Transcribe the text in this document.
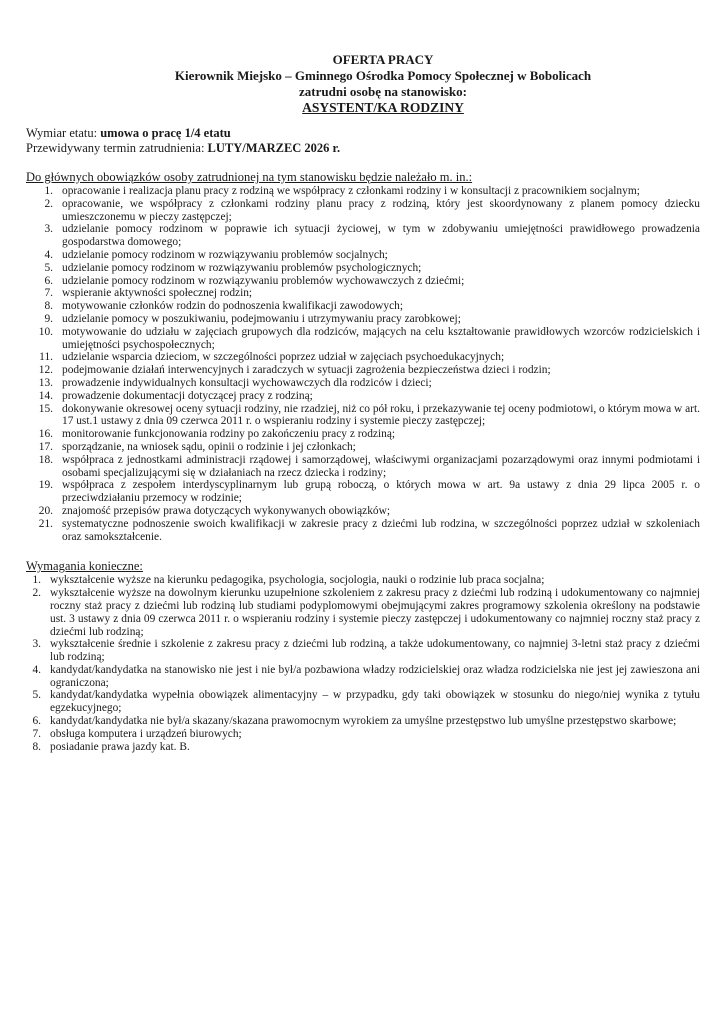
OFERTA PRACY
Kierownik Miejsko – Gminnego Ośrodka Pomocy Społecznej w Bobolicach
zatrudni osobę na stanowisko:
ASYSTENT/KA RODZINY
Wymiar etatu: umowa o pracę 1/4 etatu
Przewidywany termin zatrudnienia: LUTY/MARZEC 2026 r.
Do głównych obowiązków osoby zatrudnionej na tym stanowisku będzie należało m. in.:
1. opracowanie i realizacja planu pracy z rodziną we współpracy z członkami rodziny i w konsultacji z pracownikiem socjalnym;
2. opracowanie, we współpracy z członkami rodziny planu pracy z rodziną, który jest skoordynowany z planem pomocy dziecku umieszczonemu w pieczy zastępczej;
3. udzielanie pomocy rodzinom w poprawie ich sytuacji życiowej, w tym w zdobywaniu umiejętności prawidłowego prowadzenia gospodarstwa domowego;
4. udzielanie pomocy rodzinom w rozwiązywaniu problemów socjalnych;
5. udzielanie pomocy rodzinom w rozwiązywaniu problemów psychologicznych;
6. udzielanie pomocy rodzinom w rozwiązywaniu problemów wychowawczych z dziećmi;
7. wspieranie aktywności społecznej rodzin;
8. motywowanie członków rodzin do podnoszenia kwalifikacji zawodowych;
9. udzielanie pomocy w poszukiwaniu, podejmowaniu i utrzymywaniu pracy zarobkowej;
10. motywowanie do udziału w zajęciach grupowych dla rodziców, mających na celu kształtowanie prawidłowych wzorców rodzicielskich i umiejętności psychospołecznych;
11. udzielanie wsparcia dzieciom, w szczególności poprzez udział w zajęciach psychoedukacyjnych;
12. podejmowanie działań interwencyjnych i zaradczych w sytuacji zagrożenia bezpieczeństwa dzieci i rodzin;
13. prowadzenie indywidualnych konsultacji wychowawczych dla rodziców i dzieci;
14. prowadzenie dokumentacji dotyczącej pracy z rodziną;
15. dokonywanie okresowej oceny sytuacji rodziny, nie rzadziej, niż co pół roku, i przekazywanie tej oceny podmiotowi, o którym mowa w art. 17 ust.1 ustawy z dnia 09 czerwca 2011 r. o wspieraniu rodziny i systemie pieczy zastępczej;
16. monitorowanie funkcjonowania rodziny po zakończeniu pracy z rodziną;
17. sporządzanie, na wniosek sądu, opinii o rodzinie i jej członkach;
18. współpraca z jednostkami administracji rządowej i samorządowej, właściwymi organizacjami pozarządowymi oraz innymi podmiotami i osobami specjalizującymi się w działaniach na rzecz dziecka i rodziny;
19. współpraca z zespołem interdyscyplinarnym lub grupą roboczą, o których mowa w art. 9a ustawy z dnia 29 lipca 2005 r. o przeciwdziałaniu przemocy w rodzinie;
20. znajomość przepisów prawa dotyczących wykonywanych obowiązków;
21. systematyczne podnoszenie swoich kwalifikacji w zakresie pracy z dziećmi lub rodzina, w szczególności poprzez udział w szkoleniach oraz samokształcenie.
Wymagania konieczne:
1. wykształcenie wyższe na kierunku pedagogika, psychologia, socjologia, nauki o rodzinie lub praca socjalna;
2. wykształcenie wyższe na dowolnym kierunku uzupełnione szkoleniem z zakresu pracy z dziećmi lub rodziną i udokumentowany co najmniej roczny staż pracy z dziećmi lub rodziną lub studiami podyplomowymi obejmującymi zakres programowy szkolenia określony na podstawie ust. 3 ustawy z dnia 09 czerwca 2011 r. o wspieraniu rodziny i systemie pieczy zastępczej i udokumentowany co najmniej roczny staż pracy z dziećmi lub rodziną;
3. wykształcenie średnie i szkolenie z zakresu pracy z dziećmi lub rodziną, a także udokumentowany, co najmniej 3-letni staż pracy z dziećmi lub rodziną;
4. kandydat/kandydatka na stanowisko nie jest i nie był/a pozbawiona władzy rodzicielskiej oraz władza rodzicielska nie jest jej zawieszona ani ograniczona;
5. kandydat/kandydatka wypełnia obowiązek alimentacyjny – w przypadku, gdy taki obowiązek w stosunku do niego/niej wynika z tytułu egzekucyjnego;
6. kandydat/kandydatka nie był/a skazany/skazana prawomocnym wyrokiem za umyślne przestępstwo lub umyślne przestępstwo skarbowe;
7. obsługa komputera i urządzeń biurowych;
8. posiadanie prawa jazdy kat. B.
